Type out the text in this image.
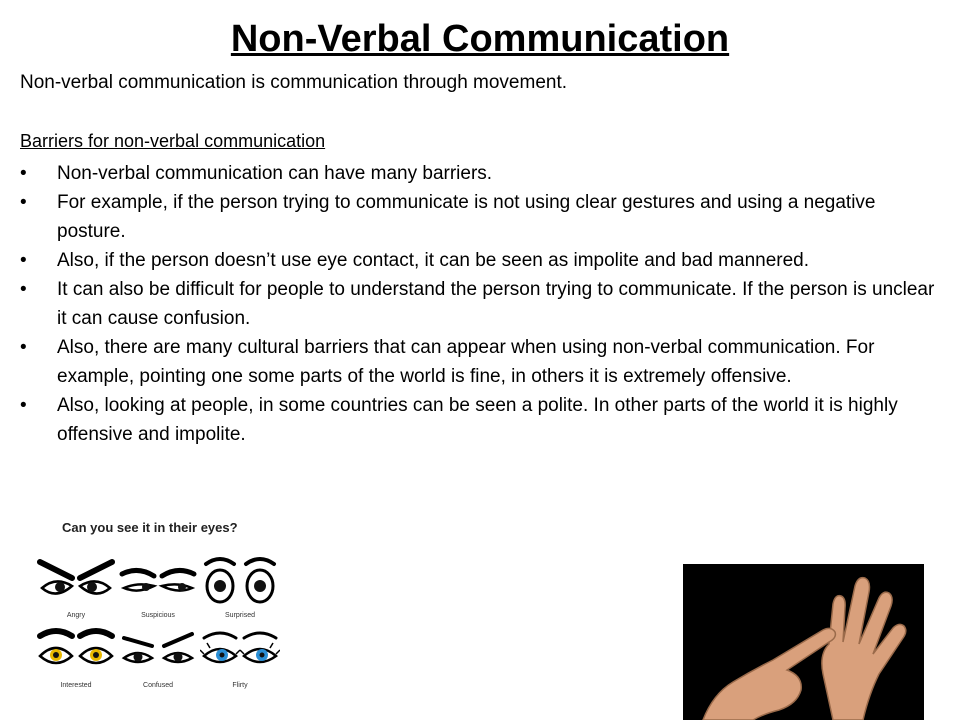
Non-Verbal Communication
Non-verbal communication is communication through movement.
Barriers for non-verbal communication
• Non-verbal communication can have many barriers.
• For example, if the person trying to communicate is not using clear gestures and using a negative posture.
• Also, if the person doesn’t use eye contact, it can be seen as impolite and bad mannered.
• It can also be difficult for people to understand the person trying to communicate. If the person is unclear it can cause confusion.
• Also, there are many cultural barriers that can appear when using non-verbal communication. For example, pointing one some parts of the world is fine, in others it is extremely offensive.
• Also, looking at people, in some countries can be seen a polite. In other parts of the world it is highly offensive and impolite.
Can you see it in their eyes?
Angry	Suspicious	Surprised
Interested	Confused	Flirty
